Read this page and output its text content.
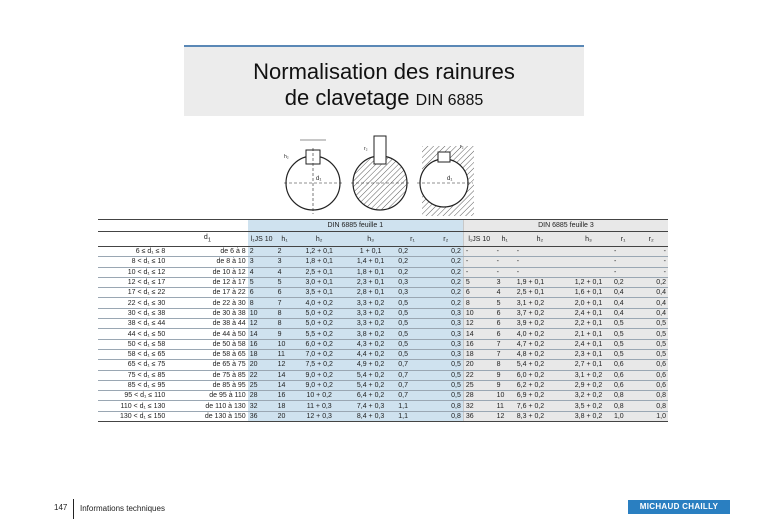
Normalisation des rainures
de clavetage DIN 6885
d₁
h₂
r₂
d₁
r₂
		DIN 6885 feuille 1						DIN 6885 feuille 3					
	$d_1$	l₁JS 10	h₁	h₂	h₃	r₁	r₂	l₁JS 10	h₁	h₂	h₃	r₁	r₂
6 ≤ d₁ ≤ 8	de 6 à 8	2	2	1,2 + 0,1	1 + 0,1	0,2	0,2	-	-	-		-	-
8 < d₁ ≤ 10	de 8 à 10	3	3	1,8 + 0,1	1,4 + 0,1	0,2	0,2	-	-	-		-	-
10 < d₁ ≤ 12	de 10 à 12	4	4	2,5 + 0,1	1,8 + 0,1	0,2	0,2	-	-	-		-	-
12 < d₁ ≤ 17	de 12 à 17	5	5	3,0 + 0,1	2,3 + 0,1	0,3	0,2	5	3	1,9 + 0,1	1,2 + 0,1	0,2	0,2
17 < d₁ ≤ 22	de 17 à 22	6	6	3,5 + 0,1	2,8 + 0,1	0,3	0,2	6	4	2,5 + 0,1	1,6 + 0,1	0,4	0,4
22 < d₁ ≤ 30	de 22 à 30	8	7	4,0 + 0,2	3,3 + 0,2	0,5	0,2	8	5	3,1 + 0,2	2,0 + 0,1	0,4	0,4
30 < d₁ ≤ 38	de 30 à 38	10	8	5,0 + 0,2	3,3 + 0,2	0,5	0,3	10	6	3,7 + 0,2	2,4 + 0,1	0,4	0,4
38 < d₁ ≤ 44	de 38 à 44	12	8	5,0 + 0,2	3,3 + 0,2	0,5	0,3	12	6	3,9 + 0,2	2,2 + 0,1	0,5	0,5
44 < d₁ ≤ 50	de 44 à 50	14	9	5,5 + 0,2	3,8 + 0,2	0,5	0,3	14	6	4,0 + 0,2	2,1 + 0,1	0,5	0,5
50 < d₁ ≤ 58	de 50 à 58	16	10	6,0 + 0,2	4,3 + 0,2	0,5	0,3	16	7	4,7 + 0,2	2,4 + 0,1	0,5	0,5
58 < d₁ ≤ 65	de 58 à 65	18	11	7,0 + 0,2	4,4 + 0,2	0,5	0,3	18	7	4,8 + 0,2	2,3 + 0,1	0,5	0,5
65 < d₁ ≤ 75	de 65 à 75	20	12	7,5 + 0,2	4,9 + 0,2	0,7	0,5	20	8	5,4 + 0,2	2,7 + 0,1	0,6	0,6
75 < d₁ ≤ 85	de 75 à 85	22	14	9,0 + 0,2	5,4 + 0,2	0,7	0,5	22	9	6,0 + 0,2	3,1 + 0,2	0,6	0,6
85 < d₁ ≤ 95	de 85 à 95	25	14	9,0 + 0,2	5,4 + 0,2	0,7	0,5	25	9	6,2 + 0,2	2,9 + 0,2	0,6	0,6
95 < d₁ ≤ 110	de 95 à 110	28	16	10 + 0,2	6,4 + 0,2	0,7	0,5	28	10	6,9 + 0,2	3,2 + 0,2	0,8	0,8
110 < d₁ ≤ 130	de 110 à 130	32	18	11 + 0,3	7,4 + 0,3	1,1	0,8	32	11	7,6 + 0,2	3,5 + 0,2	0,8	0,8
130 < d₁ ≤ 150	de 130 à 150	36	20	12 + 0,3	8,4 + 0,3	1,1	0,8	36	12	8,3 + 0,2	3,8 + 0,2	1,0	1,0
147 Informations techniques	MICHAUD CHAILLY
